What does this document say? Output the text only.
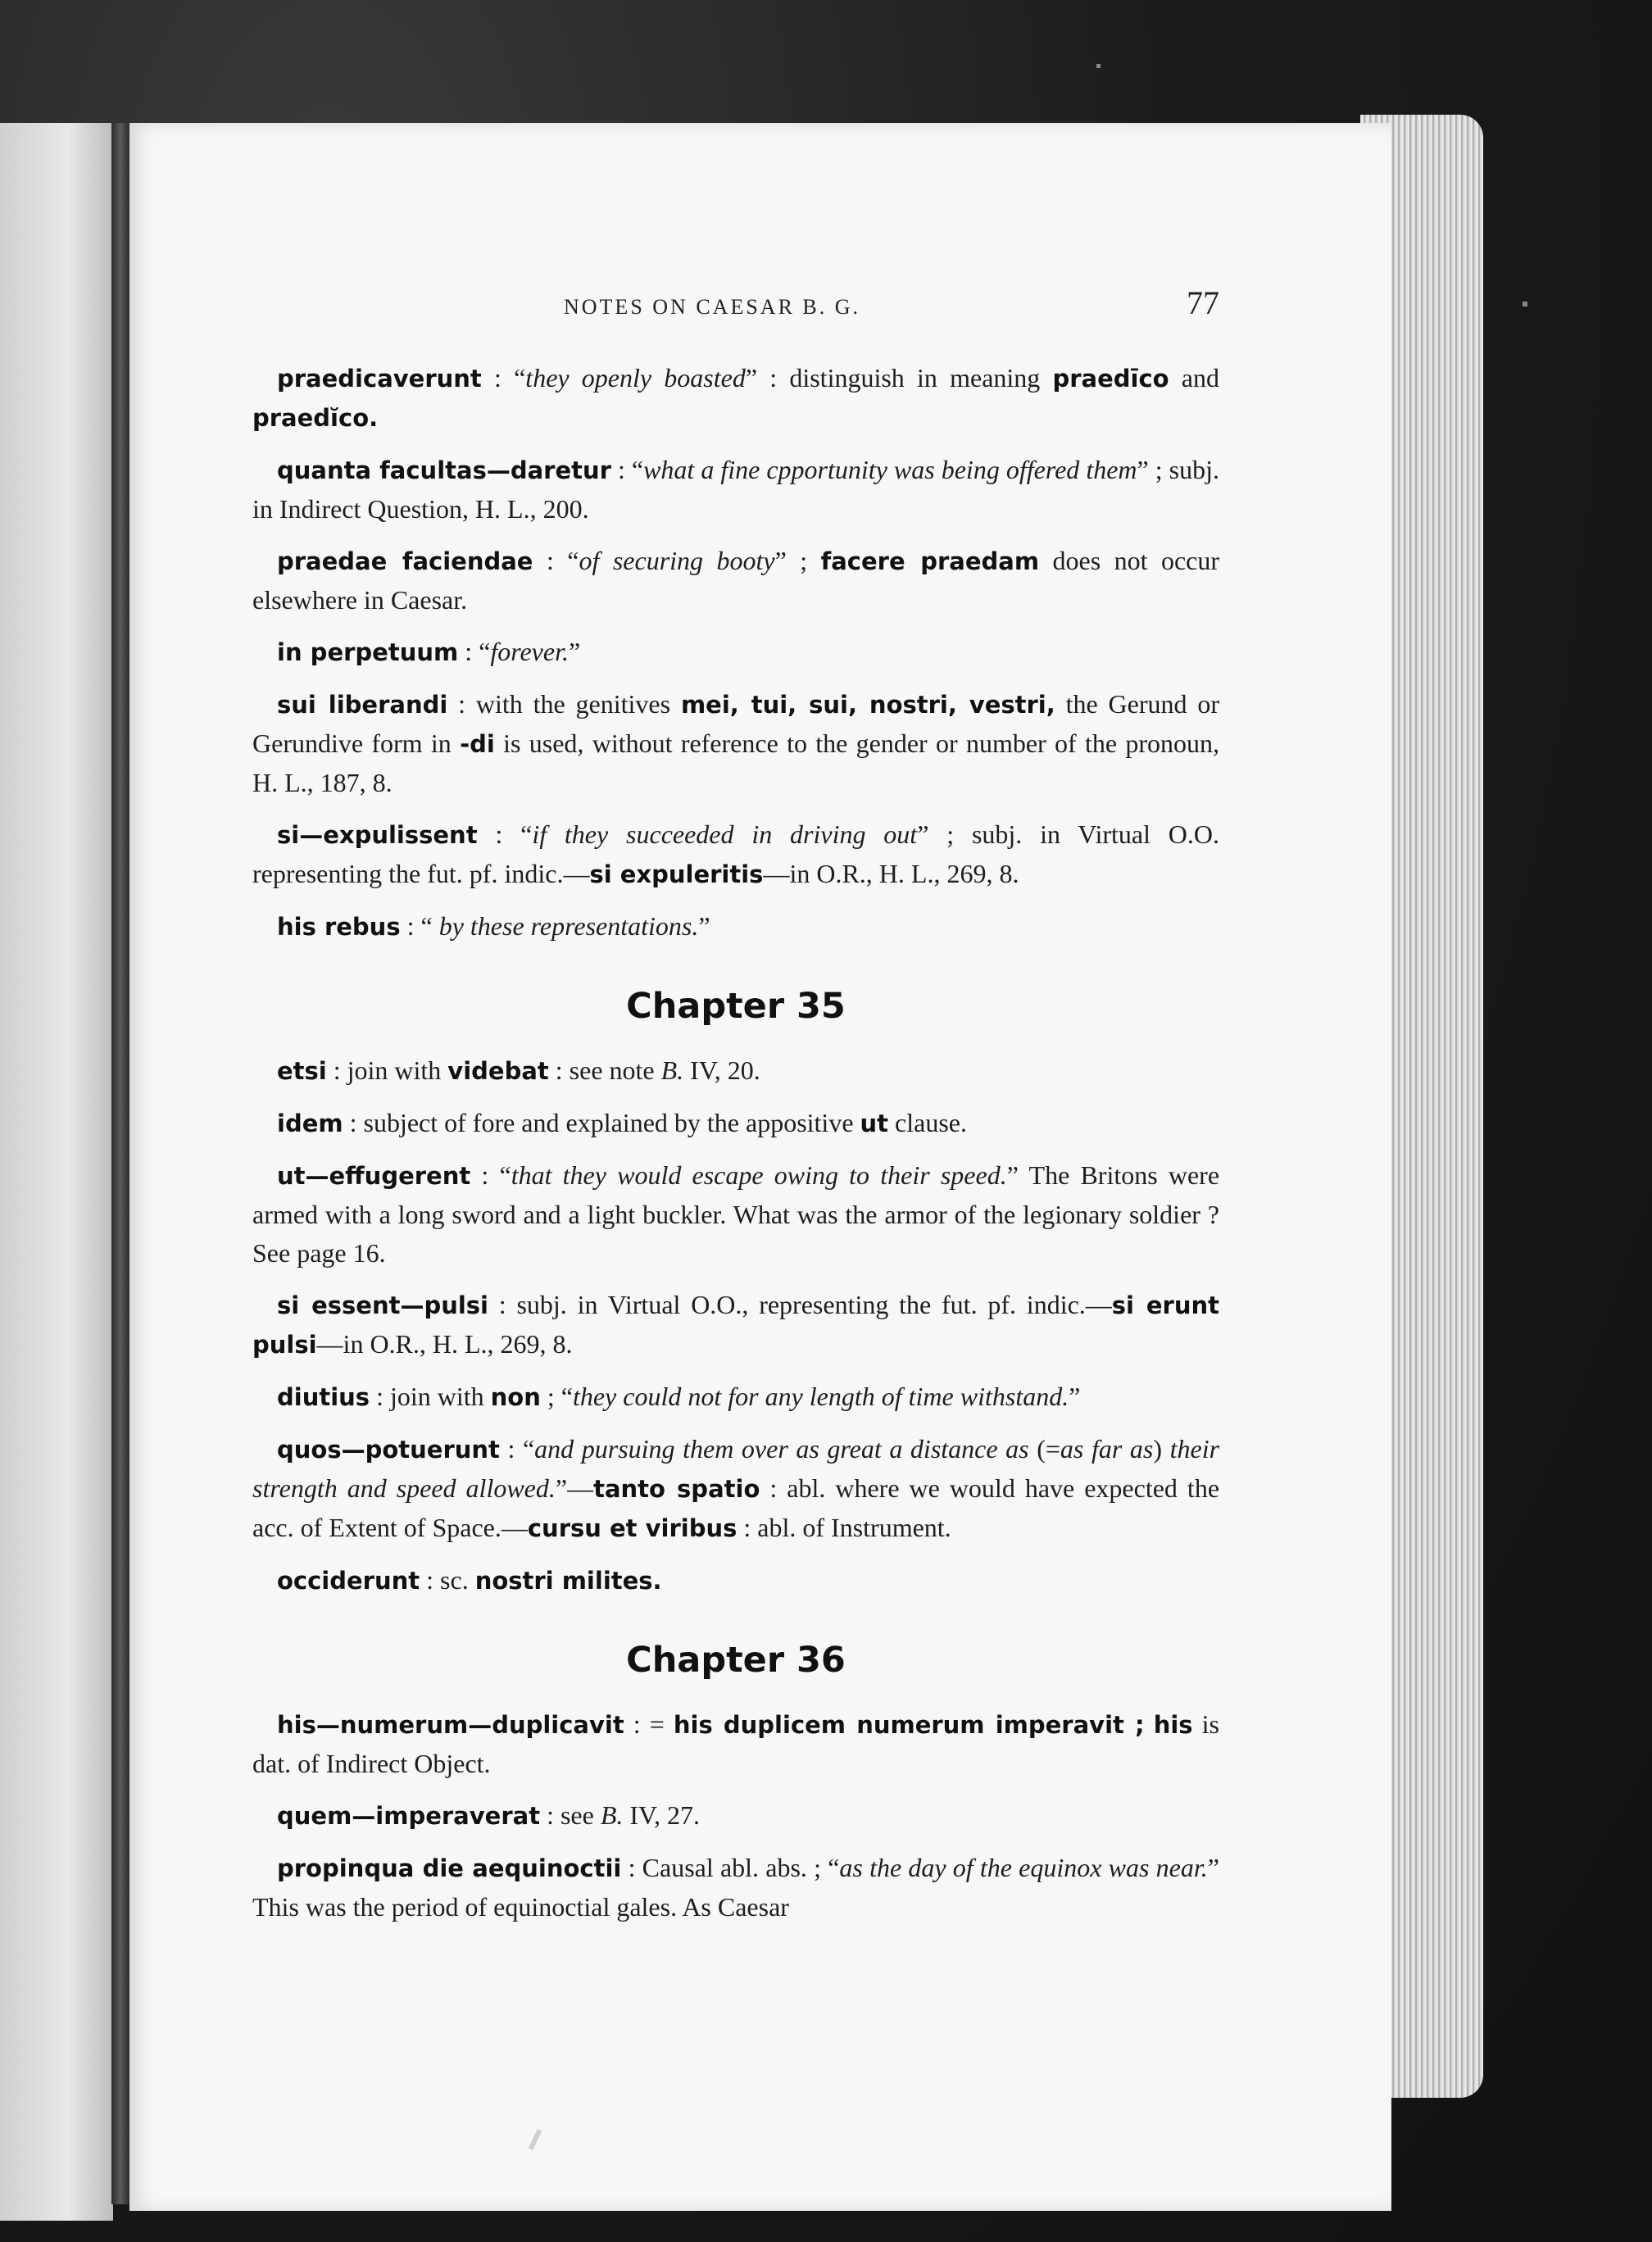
NOTES ON CAESAR B. G.	77

praedicaverunt : “they openly boasted” : distinguish in meaning praedīco and praedĭco.

quanta facultas—daretur : “what a fine cpportunity was being offered them” ; subj. in Indirect Question, H. L., 200.

praedae faciendae : “of securing booty” ; facere praedam does not occur elsewhere in Caesar.

in perpetuum : “forever.”

sui liberandi : with the genitives mei, tui, sui, nostri, vestri, the Gerund or Gerundive form in -di is used, without reference to the gender or number of the pronoun, H. L., 187, 8.

si—expulissent : “if they succeeded in driving out” ; subj. in Virtual O.O. representing the fut. pf. indic.—si expuleritis—in O.R., H. L., 269, 8.

his rebus : “ by these representations.”

Chapter 35

etsi : join with videbat : see note B. IV, 20.

idem : subject of fore and explained by the appositive ut clause.

ut—effugerent : “that they would escape owing to their speed.” The Britons were armed with a long sword and a light buckler. What was the armor of the legionary soldier ? See page 16.

si essent—pulsi : subj. in Virtual O.O., representing the fut. pf. indic.—si erunt pulsi—in O.R., H. L., 269, 8.

diutius : join with non ; “they could not for any length of time withstand.”

quos—potuerunt : “and pursuing them over as great a distance as (=as far as) their strength and speed allowed.”—tanto spatio : abl. where we would have expected the acc. of Extent of Space.—cursu et viribus : abl. of Instrument.

occiderunt : sc. nostri milites.

Chapter 36

his—numerum—duplicavit : = his duplicem numerum imperavit ; his is dat. of Indirect Object.

quem—imperaverat : see B. IV, 27.

propinqua die aequinoctii : Causal abl. abs. ; “as the day of the equinox was near.” This was the period of equinoctial gales. As Caesar
